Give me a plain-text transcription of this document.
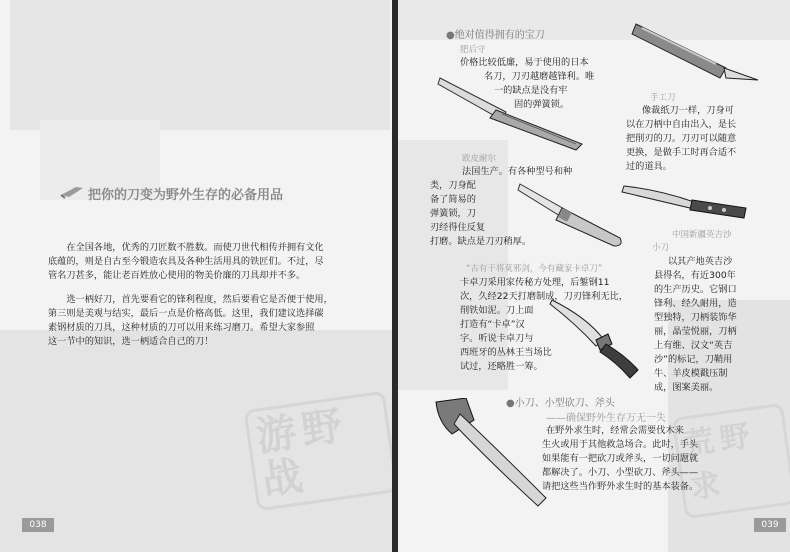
游野战
把你的刀变为野外生存的必备用品
　　在全国各地，优秀的刀匠数不胜数。而使刀世代相传并拥有文化
底蕴的，则是自古至今锻造农具及各种生活用具的铁匠们。不过，尽
管名刀甚多，能让老百姓放心使用的物美价廉的刀具却并不多。
　　选一柄好刀，首先要看它的锋利程度，然后要看它是否便于使用，
第三则是美观与结实，最后一点是价格高低。这里，我们建议选择碳
素钢材质的刀具，这种材质的刀可以用来练习磨刀。希望大家参照
这一节中的知识，选一柄适合自己的刀！
038
荒野求
●绝对值得拥有的宝刀
肥后守
价格比较低廉，易于使用的日本
名刀，刀刃越磨越锋利。唯
一的缺点是没有牢
固的弹簧锁。
手工刀
像裁纸刀一样，刀身可
以在刀柄中自由出入，是长
把削刃的刀。刀刃可以随意
更换，是做手工时再合适不
过的道具。
欧皮耐尔
法国生产。有各种型号和种
类，刀身配
备了简易的
弹簧锁，刀
刃经得住反复
打磨。缺点是刀刃稍厚。
中国新疆英吉沙
小刀
以其产地英吉沙
县得名，有近300年
的生产历史。它钢口
锋利、经久耐用，造
型独特，刀柄装饰华
丽，晶莹悦丽，刀柄
上有维、汉文“英吉
沙”的标记，刀鞘用
牛、羊皮模戳压制
成，图案美丽。
“古有干将莫邪剑，今有藏家卡卓刀”
卡卓刀采用家传秘方处理，后錾钢11
次，久经22天打磨制成，刀刃锋利无比，
削铁如泥。刀上面
打造有“卡卓”汉
字。听说卡卓刀与
西班牙的丛林王当场比
试过，还略胜一筹。
●小刀、小型砍刀、斧头
——确保野外生存万无一失
在野外求生时，经常会需要伐木来
生火或用于其他救急场合。此时，手头
如果能有一把砍刀或斧头，一切问题就
都解决了。小刀、小型砍刀、斧头——
请把这些当作野外求生时的基本装备。
039
